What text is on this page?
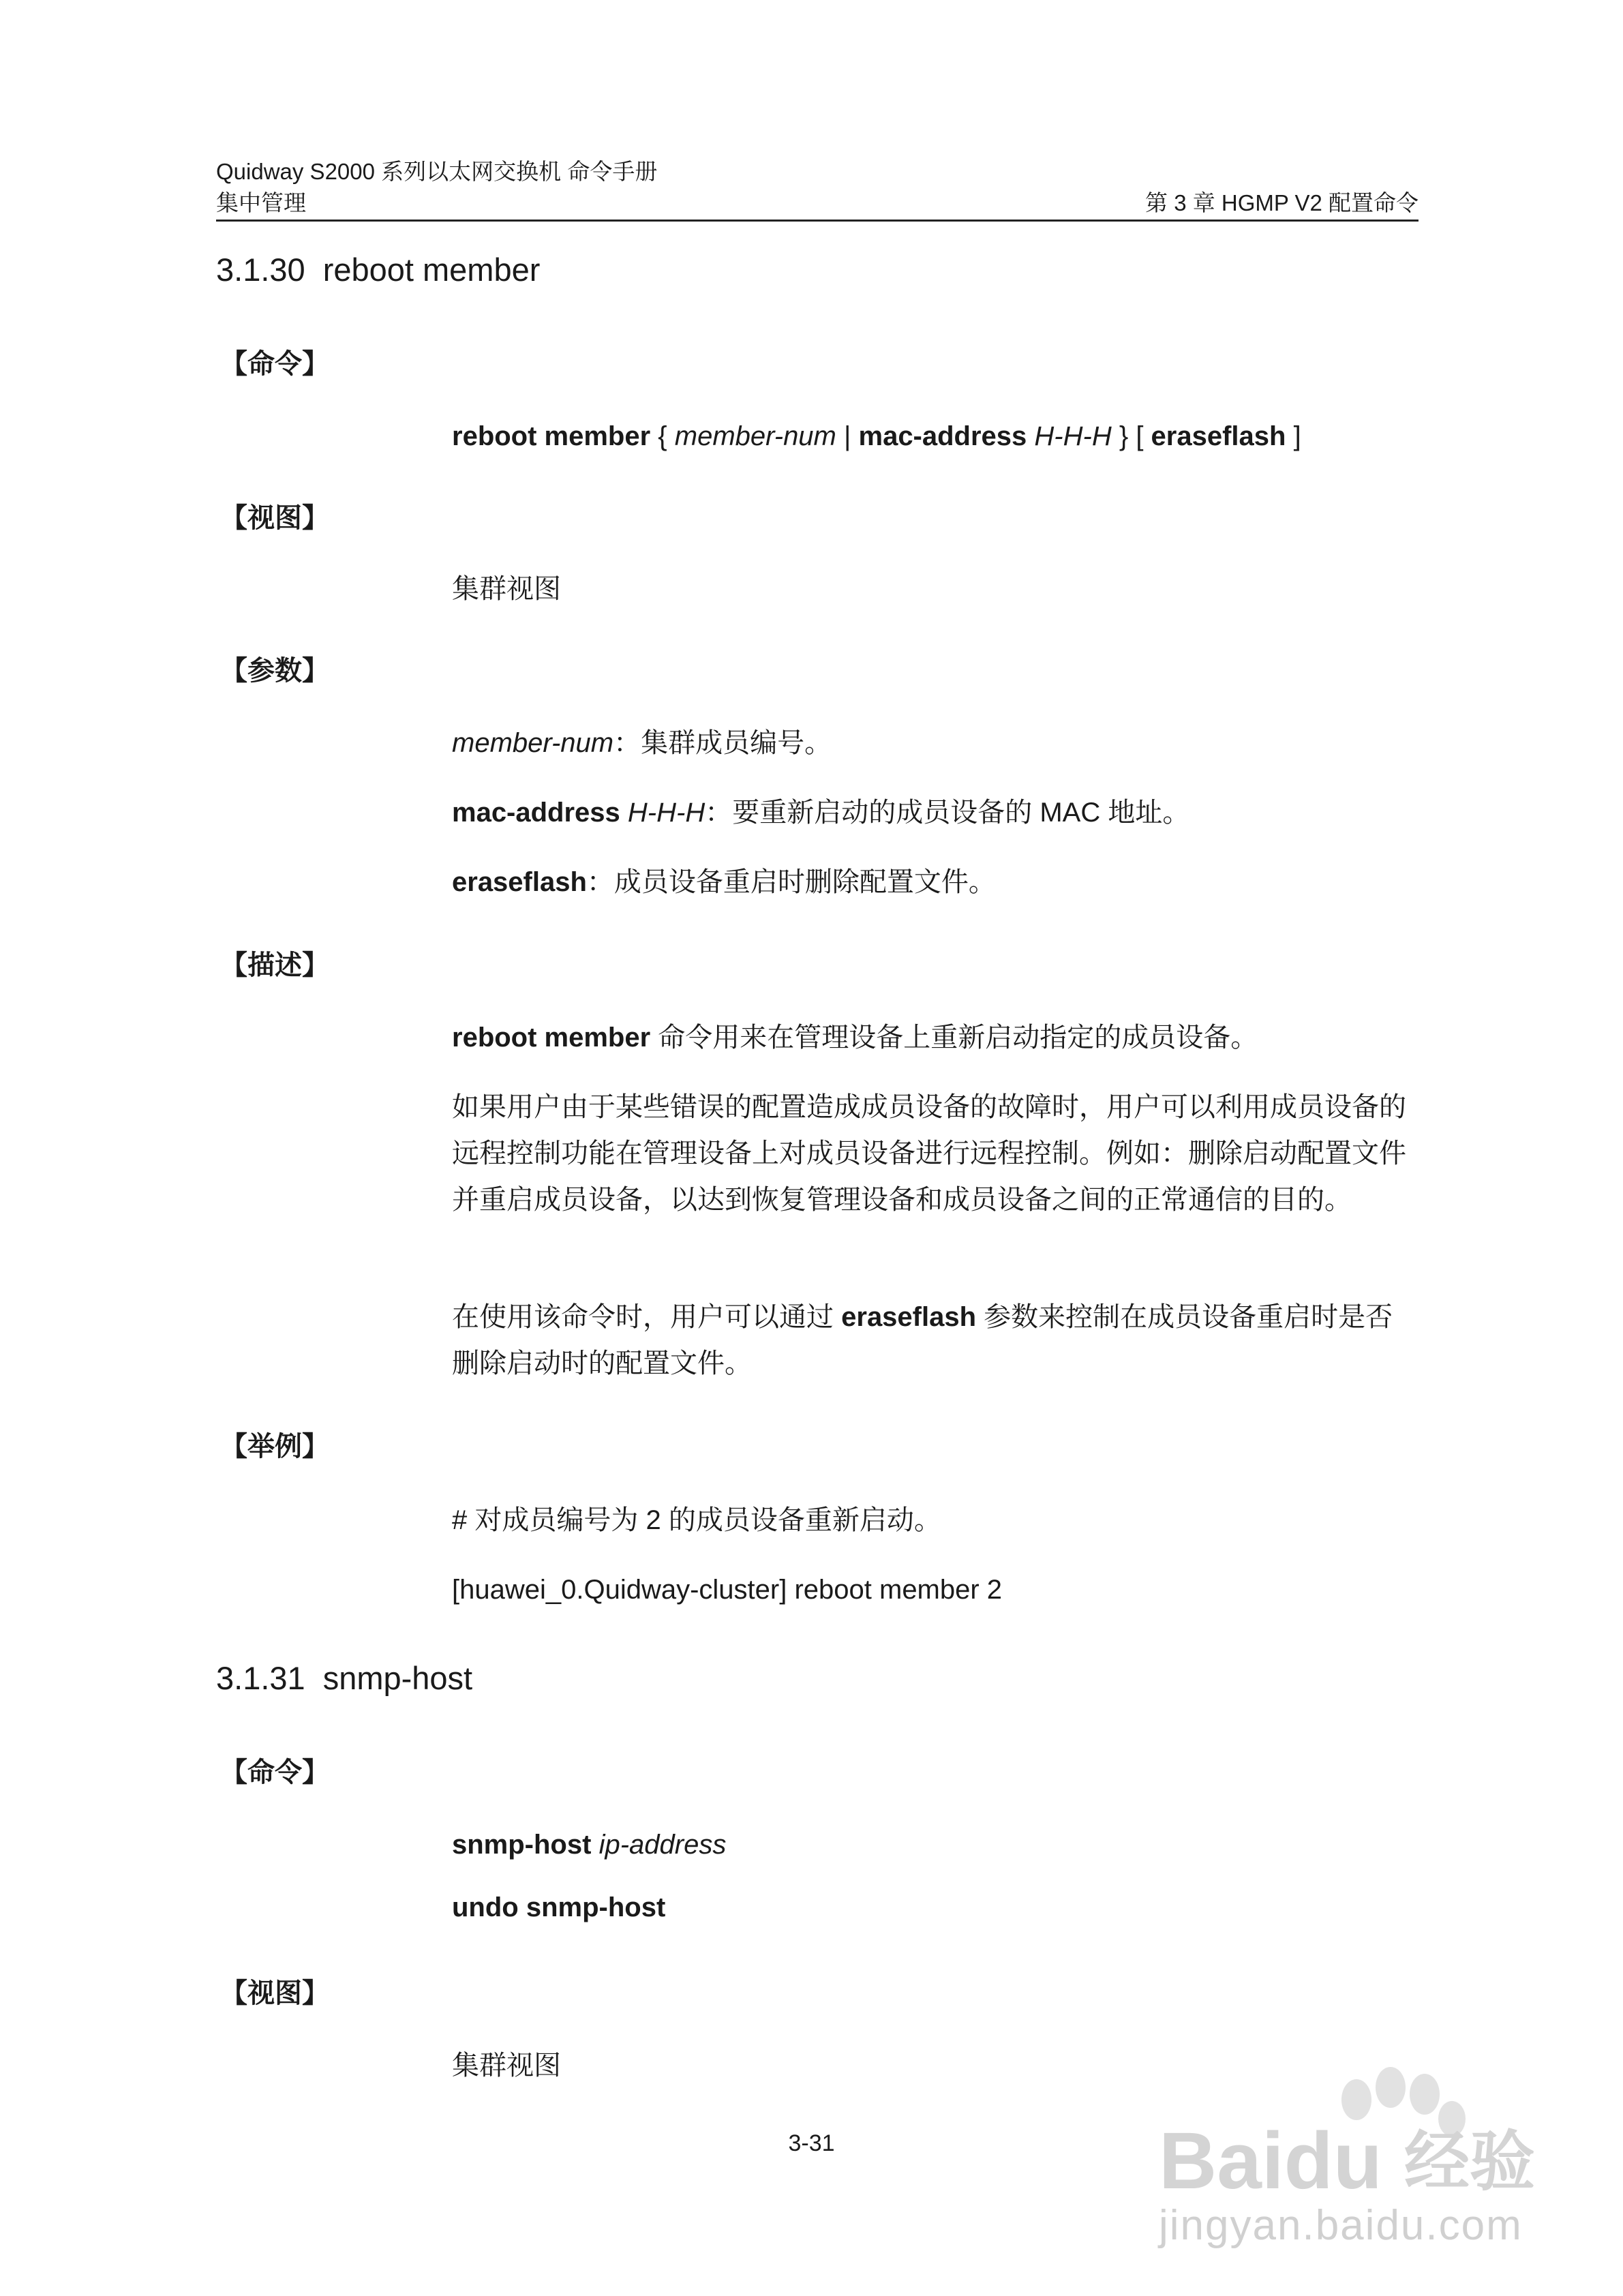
Quidway S2000 系列以太网交换机 命令手册
集中管理	第 3 章 HGMP V2 配置命令
3.1.30 reboot member
【命令】
reboot member { member-num | mac-address H-H-H } [ eraseflash ]
【视图】
集群视图
【参数】
member-num：集群成员编号。
mac-address H-H-H：要重新启动的成员设备的 MAC 地址。
eraseflash：成员设备重启时删除配置文件。
【描述】
reboot member 命令用来在管理设备上重新启动指定的成员设备。
如果用户由于某些错误的配置造成成员设备的故障时，用户可以利用成员设备的远程控制功能在管理设备上对成员设备进行远程控制。例如：删除启动配置文件并重启成员设备，以达到恢复管理设备和成员设备之间的正常通信的目的。
在使用该命令时，用户可以通过 eraseflash 参数来控制在成员设备重启时是否删除启动时的配置文件。
【举例】
# 对成员编号为 2 的成员设备重新启动。
[huawei_0.Quidway-cluster] reboot member 2
3.1.31 snmp-host
【命令】
snmp-host ip-address
undo snmp-host
【视图】
集群视图
3-31	Baidu 经验
jingyan.baidu.com
